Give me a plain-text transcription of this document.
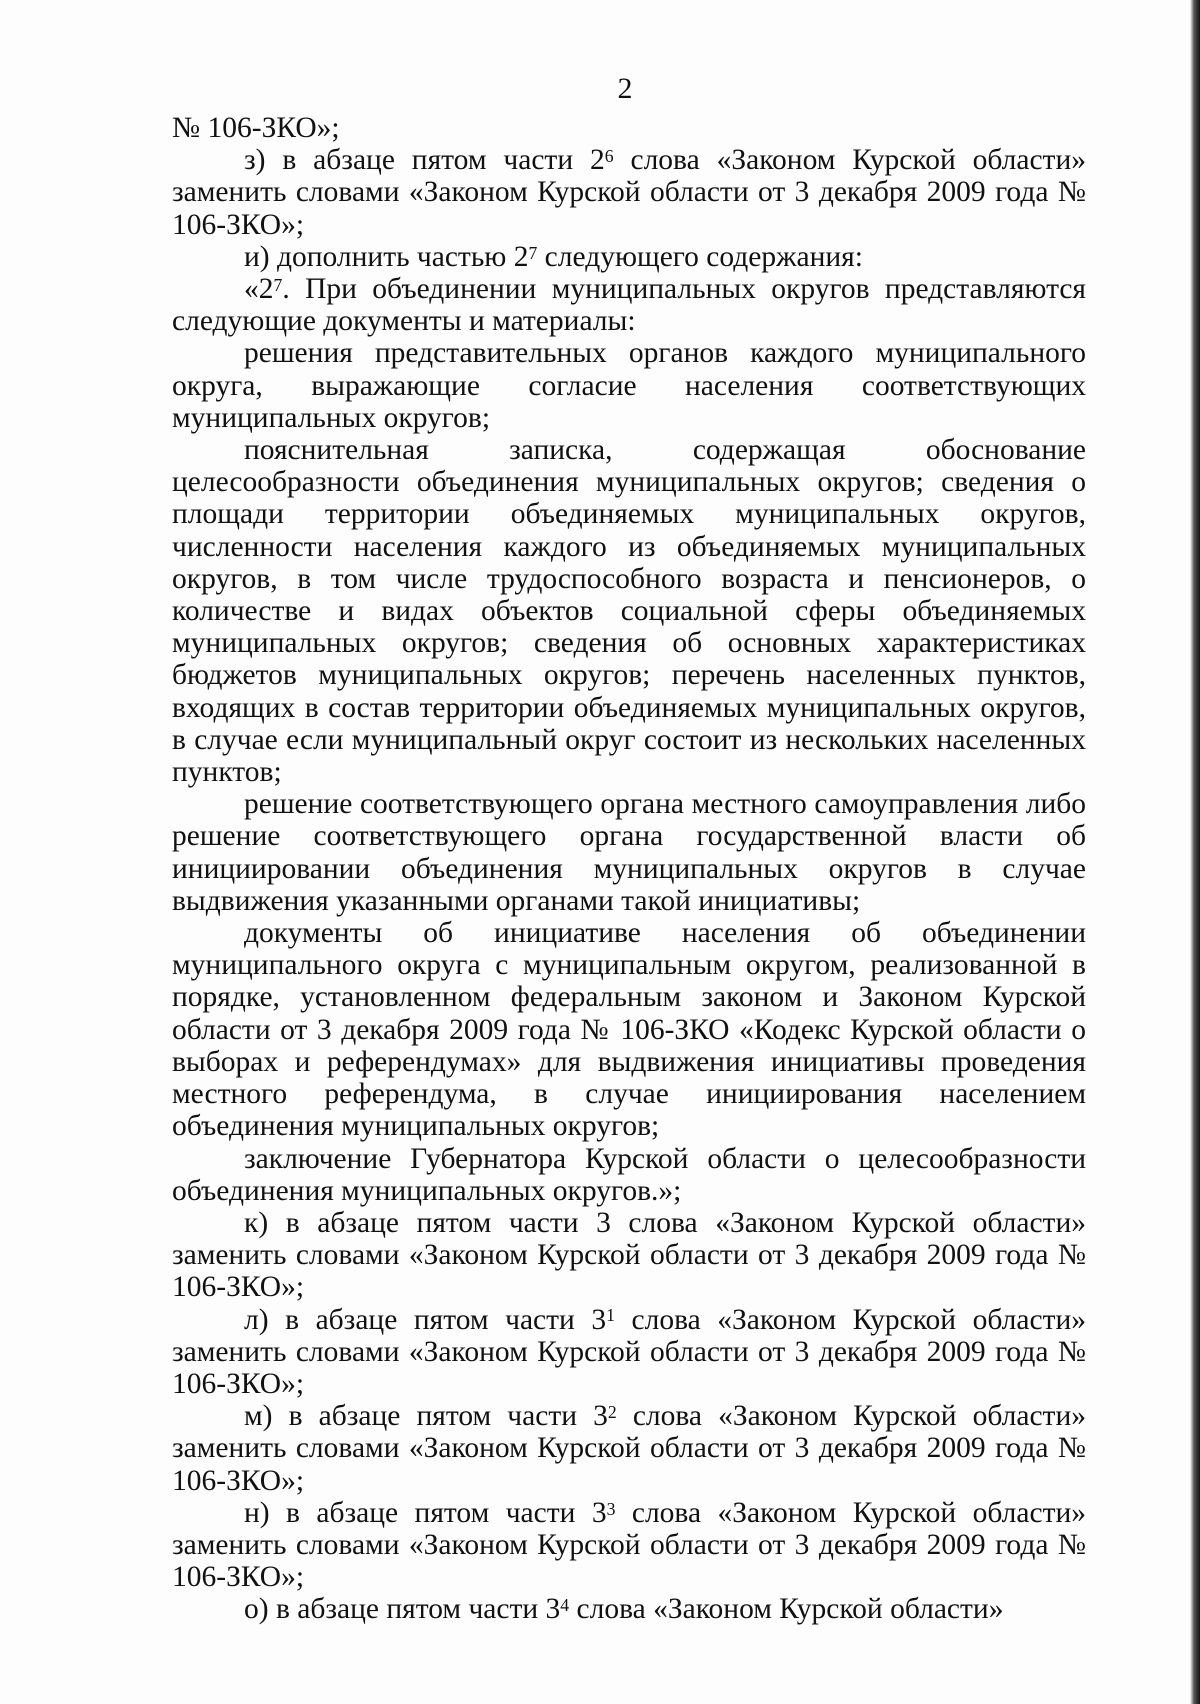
2

№ 106-ЗКО»;

з) в абзаце пятом части $2^6$ слова «Законом Курской области» заменить словами «Законом Курской области от 3 декабря 2009 года № 106-ЗКО»;

и) дополнить частью $2^7$ следующего содержания:

«$2^7$. При объединении муниципальных округов представляются следующие документы и материалы:

решения представительных органов каждого муниципального округа, выражающие согласие населения соответствующих муниципальных округов;

пояснительная записка, содержащая обоснование целесообразности объединения муниципальных округов; сведения о площади территории объединяемых муниципальных округов, численности населения каждого из объединяемых муниципальных округов, в том числе трудоспособного возраста и пенсионеров, о количестве и видах объектов социальной сферы объединяемых муниципальных округов; сведения об основных характеристиках бюджетов муниципальных округов; перечень населенных пунктов, входящих в состав территории объединяемых муниципальных округов, в случае если муниципальный округ состоит из нескольких населенных пунктов;

решение соответствующего органа местного самоуправления либо решение соответствующего органа государственной власти об инициировании объединения муниципальных округов в случае выдвижения указанными органами такой инициативы;

документы об инициативе населения об объединении муниципального округа с муниципальным округом, реализованной в порядке, установленном федеральным законом и Законом Курской области от 3 декабря 2009 года № 106-ЗКО «Кодекс Курской области о выборах и референдумах» для выдвижения инициативы проведения местного референдума, в случае инициирования населением объединения муниципальных округов;

заключение Губернатора Курской области о целесообразности объединения муниципальных округов.»;

к) в абзаце пятом части 3 слова «Законом Курской области» заменить словами «Законом Курской области от 3 декабря 2009 года № 106-ЗКО»;

л) в абзаце пятом части $3^1$ слова «Законом Курской области» заменить словами «Законом Курской области от 3 декабря 2009 года № 106-ЗКО»;

м) в абзаце пятом части $3^2$ слова «Законом Курской области» заменить словами «Законом Курской области от 3 декабря 2009 года № 106-ЗКО»;

н) в абзаце пятом части $3^3$ слова «Законом Курской области» заменить словами «Законом Курской области от 3 декабря 2009 года № 106-ЗКО»;

о) в абзаце пятом части $3^4$ слова «Законом Курской области»
